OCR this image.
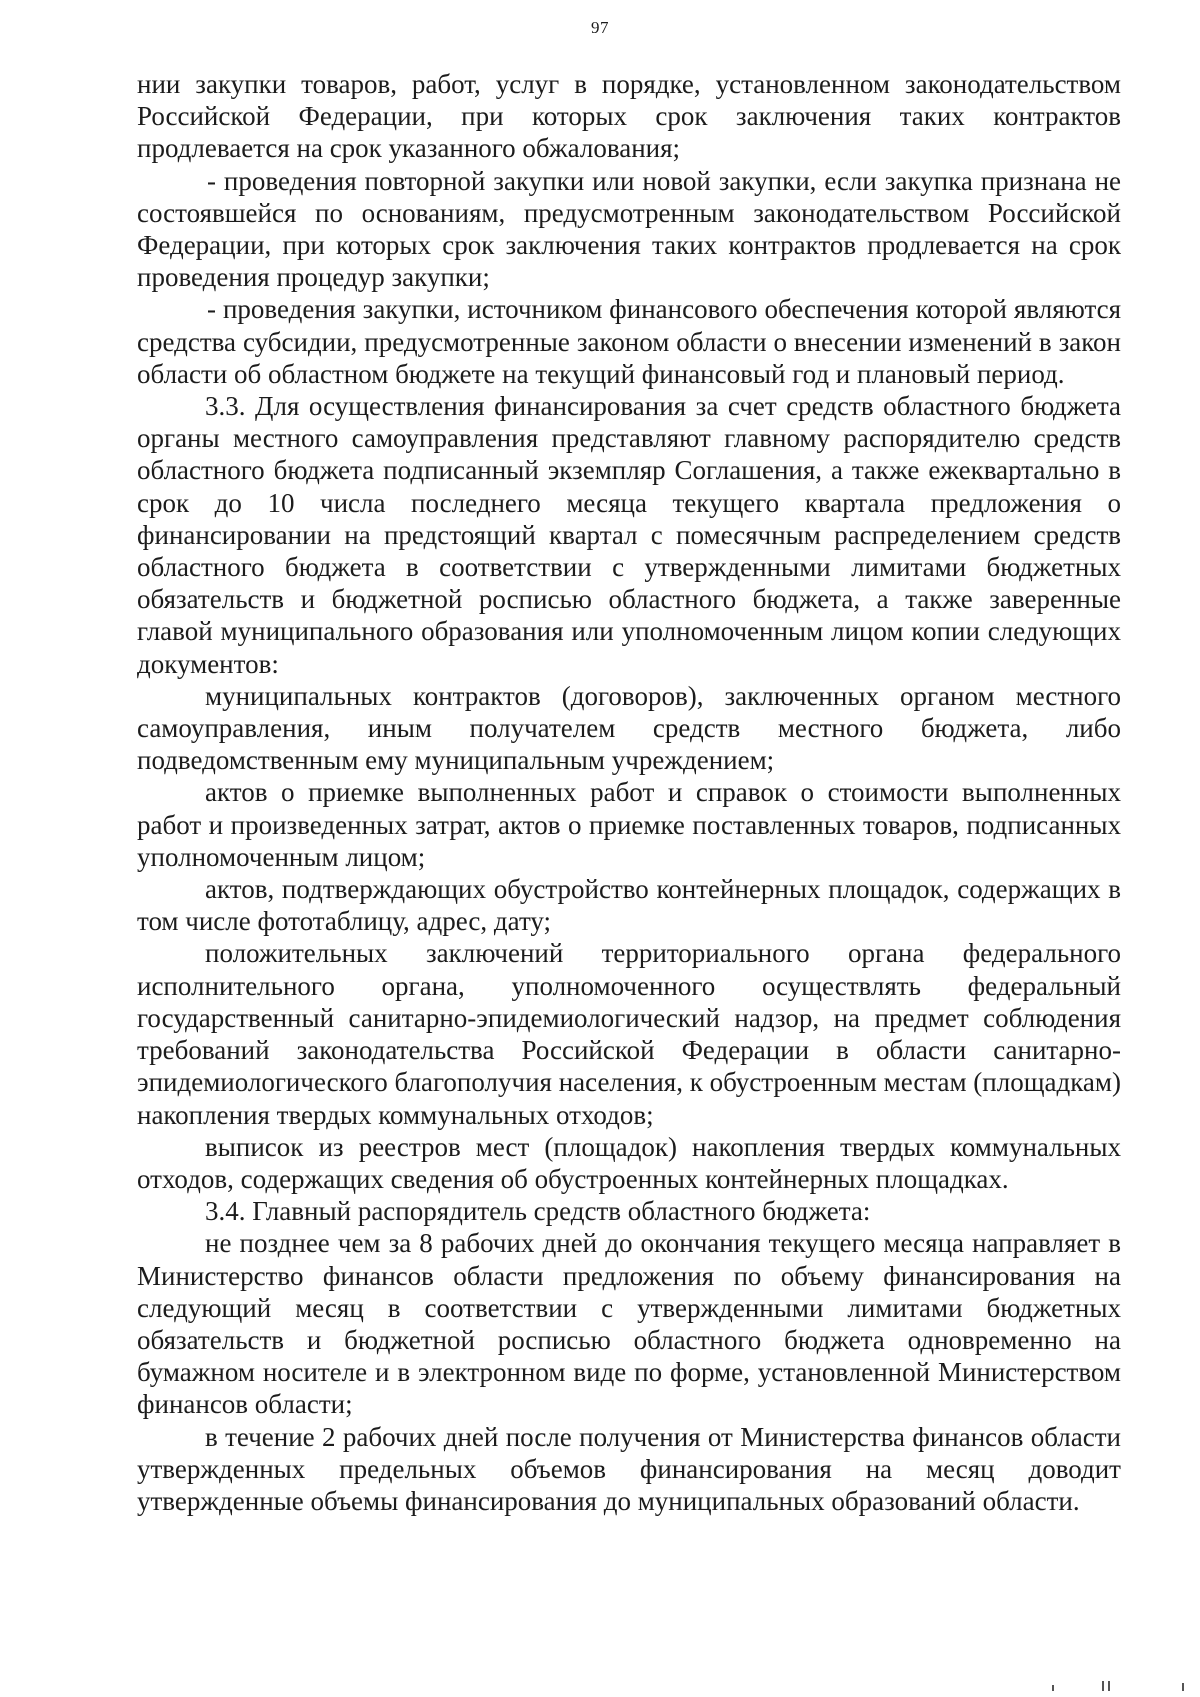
97

нии закупки товаров, работ, услуг в порядке, установленном законодательством Российской Федерации, при которых срок заключения таких контрактов продлевается на срок указанного обжалования;

- проведения повторной закупки или новой закупки, если закупка признана не состоявшейся по основаниям, предусмотренным законодательством Российской Федерации, при которых срок заключения таких контрактов продлевается на срок проведения процедур закупки;

- проведения закупки, источником финансового обеспечения которой являются средства субсидии, предусмотренные законом области о внесении изменений в закон области об областном бюджете на текущий финансовый год и плановый период.

3.3. Для осуществления финансирования за счет средств областного бюджета органы местного самоуправления представляют главному распорядителю средств областного бюджета подписанный экземпляр Соглашения, а также ежеквартально в срок до 10 числа последнего месяца текущего квартала предложения о финансировании на предстоящий квартал с помесячным распределением средств областного бюджета в соответствии с утвержденными лимитами бюджетных обязательств и бюджетной росписью областного бюджета, а также заверенные главой муниципального образования или уполномоченным лицом копии следующих документов:

муниципальных контрактов (договоров), заключенных органом местного самоуправления, иным получателем средств местного бюджета, либо подведомственным ему муниципальным учреждением;

актов о приемке выполненных работ и справок о стоимости выполненных работ и произведенных затрат, актов о приемке поставленных товаров, подписанных уполномоченным лицом;

актов, подтверждающих обустройство контейнерных площадок, содержащих в том числе фототаблицу, адрес, дату;

положительных заключений территориального органа федерального исполнительного органа, уполномоченного осуществлять федеральный государственный санитарно-эпидемиологический надзор, на предмет соблюдения требований законодательства Российской Федерации в области санитарно-эпидемиологического благополучия населения, к обустроенным местам (площадкам) накопления твердых коммунальных отходов;

выписок из реестров мест (площадок) накопления твердых коммунальных отходов, содержащих сведения об обустроенных контейнерных площадках.

3.4. Главный распорядитель средств областного бюджета:

не позднее чем за 8 рабочих дней до окончания текущего месяца направляет в Министерство финансов области предложения по объему финансирования на следующий месяц в соответствии с утвержденными лимитами бюджетных обязательств и бюджетной росписью областного бюджета одновременно на бумажном носителе и в электронном виде по форме, установленной Министерством финансов области;

в течение 2 рабочих дней после получения от Министерства финансов области утвержденных предельных объемов финансирования на месяц доводит утвержденные объемы финансирования до муниципальных образований области.
